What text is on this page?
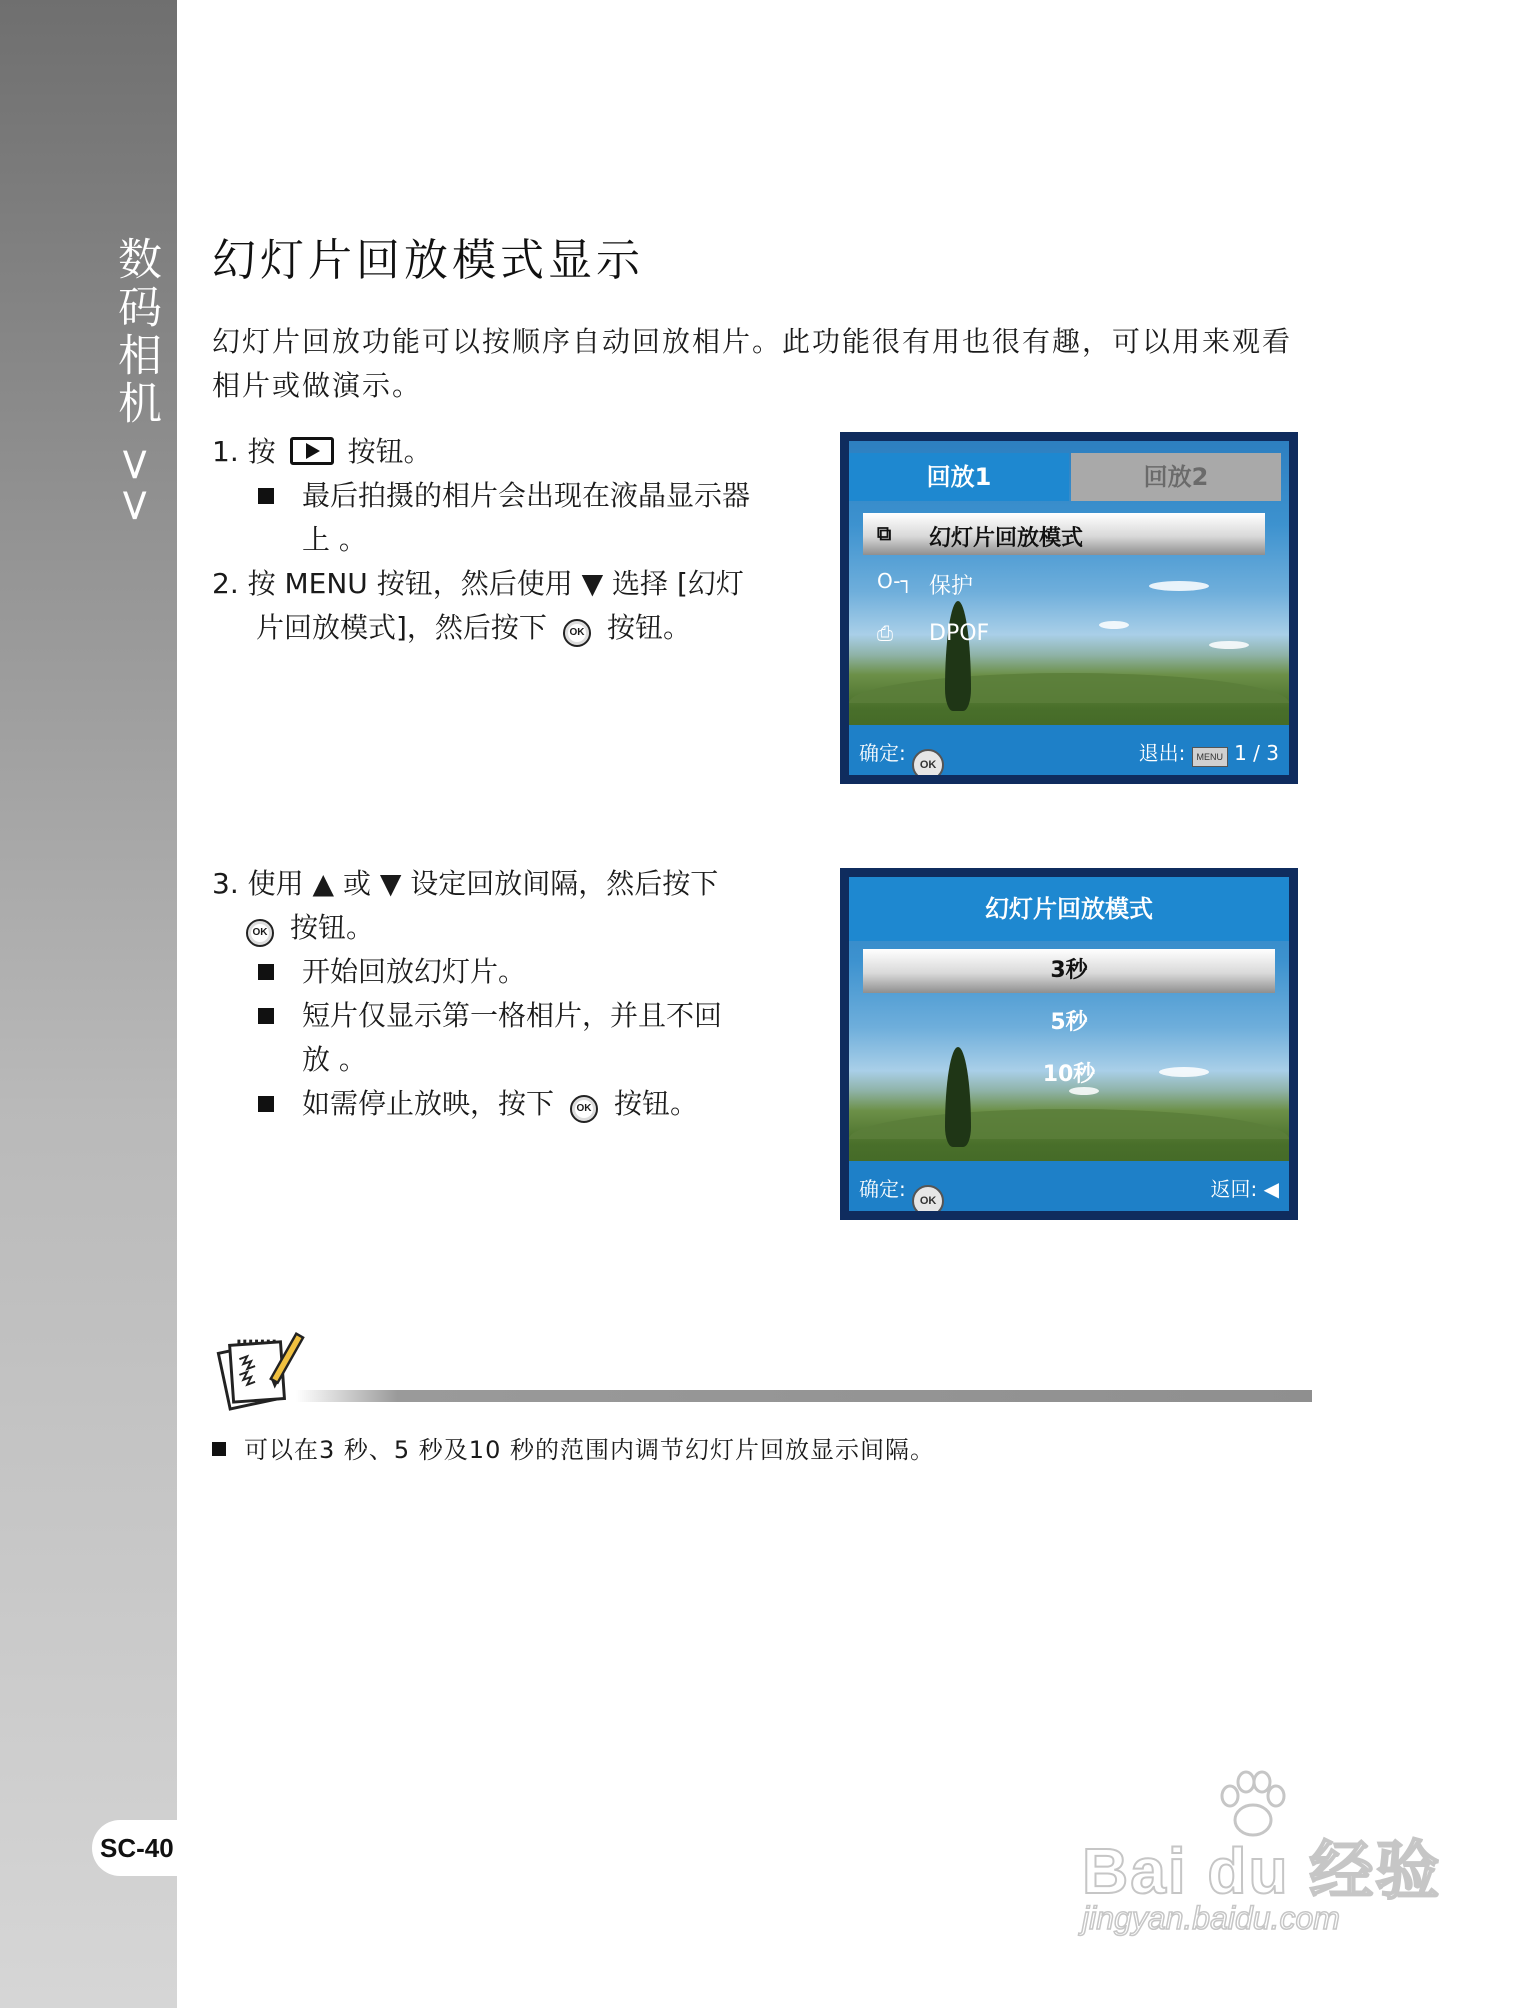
数码相机 >>
SC-40
幻灯片回放模式显示
幻灯片回放功能可以按顺序自动回放相片。此功能很有用也很有趣，可以用来观看
相片或做演示。
1. 按	按钮。
最后拍摄的相片会出现在液晶显示器
上 。
2. 按 MENU 按钮，然后使用 ▼ 选择 [幻灯
片回放模式]，然后按下 OK 按钮。
回放1	回放2
⧉ 幻灯片回放模式
O-┐ 保护
⎙ DPOF
确定: OK	退出: MENU 1 / 3
3. 使用 ▲ 或 ▼ 设定回放间隔，然后按下
OK 按钮。
开始回放幻灯片。
短片仅显示第一格相片，并且不回
放 。
如需停止放映，按下 OK 按钮。
幻灯片回放模式
3秒
5秒
10秒
确定: OK	返回: ◀
可以在3 秒、5 秒及10 秒的范围内调节幻灯片回放显示间隔。
Bai du 经验
jingyan.baidu.com
